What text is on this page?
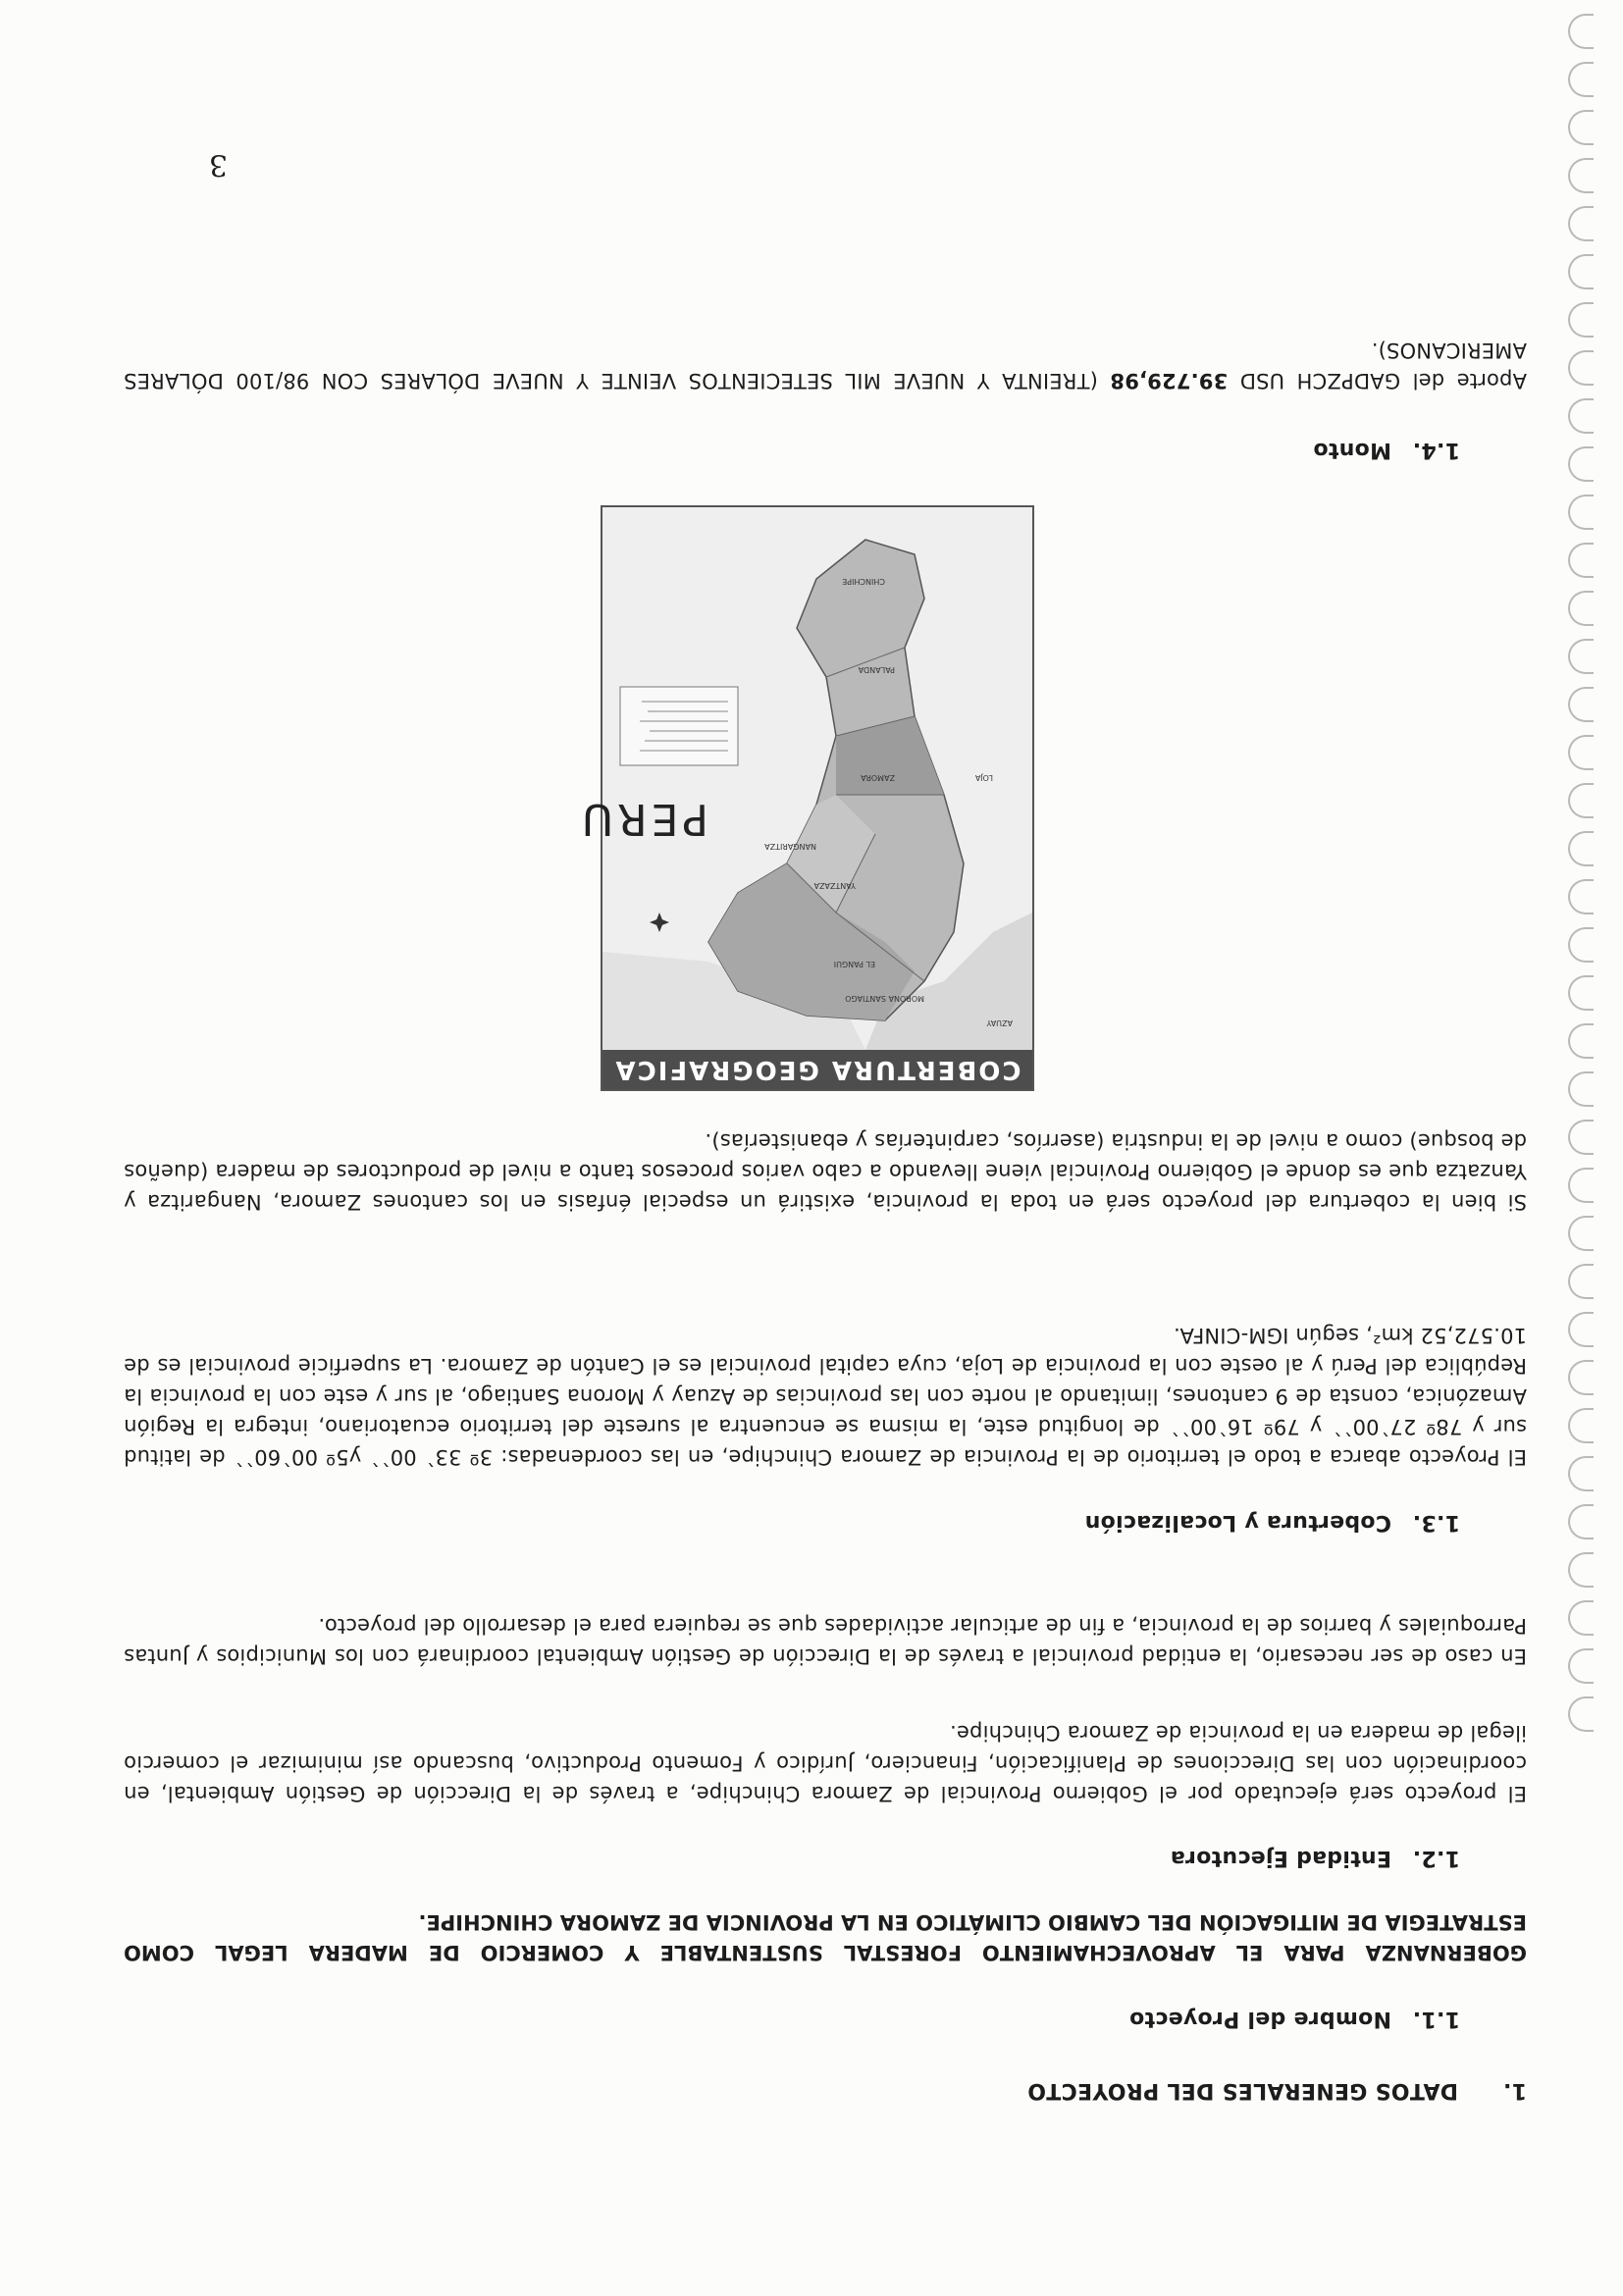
1.DATOS GENERALES DEL PROYECTO
1.1.Nombre del Proyecto
GOBERNANZA PARA EL APROVECHAMIENTO FORESTAL SUSTENTABLE Y COMERCIO DE MADERA LEGAL COMO ESTRATEGIA DE MITIGACIÓN DEL CAMBIO CLIMÁTICO EN LA PROVINCIA DE ZAMORA CHINCHIPE.
1.2.Entidad Ejecutora
El proyecto será ejecutado por el Gobierno Provincial de Zamora Chinchipe, a través de la Dirección de Gestión Ambiental, en coordinación con las Direcciones de Planificación, Financiero, Jurídico y Fomento Productivo, buscando así minimizar el comercio ilegal de madera en la provincia de Zamora Chinchipe.
En caso de ser necesario, la entidad provincial a través de la Dirección de Gestión Ambiental coordinará con los Municipios y Juntas Parroquiales y barrios de la provincia, a fin de articular actividades que se requiera para el desarrollo del proyecto.
1.3.Cobertura y Localización
El Proyecto abarca a todo el territorio de la Provincia de Zamora Chinchipe, en las coordenadas: 3º 33` 00`` y5º 00`60`` de latitud sur y 78º 27`00`` y 79º 16`00`` de longitud este, la misma se encuentra al sureste del territorio ecuatoriano, integra la Región Amazónica, consta de 9 cantones, limitando al norte con las provincias de Azuay y Morona Santiago, al sur y este con la provincia la República del Perú y al oeste con la provincia de Loja, cuya capital provincial es el Cantón de Zamora. La superficie provincial es de 10.572,52 km², según IGM-CINFA.
Si bien la cobertura del proyecto será en toda la provincia, existirá un especial énfasis en los cantones Zamora, Nangaritza y Yanzatza que es donde el Gobierno Provincial viene llevando a cabo varios procesos tanto a nivel de productores de madera (dueños de bosque) como a nivel de la industria (aserríos, carpinterías y ebanisterías).
COBERTURA GEOGRAFICA
PERU
AZUAY
MORONA SANTIAGO
EL PANGUI
YANTZAZA
ZAMORA	LOJA
NANGARITZA
PALANDA
CHINCHIPE
1.4.Monto
Aporte del GADPZCH USD 39.729,98 (TREINTA Y NUEVE MIL SETECIENTOS VEINTE Y NUEVE DÓLARES CON 98/100 DÓLARES AMERICANOS).
3
